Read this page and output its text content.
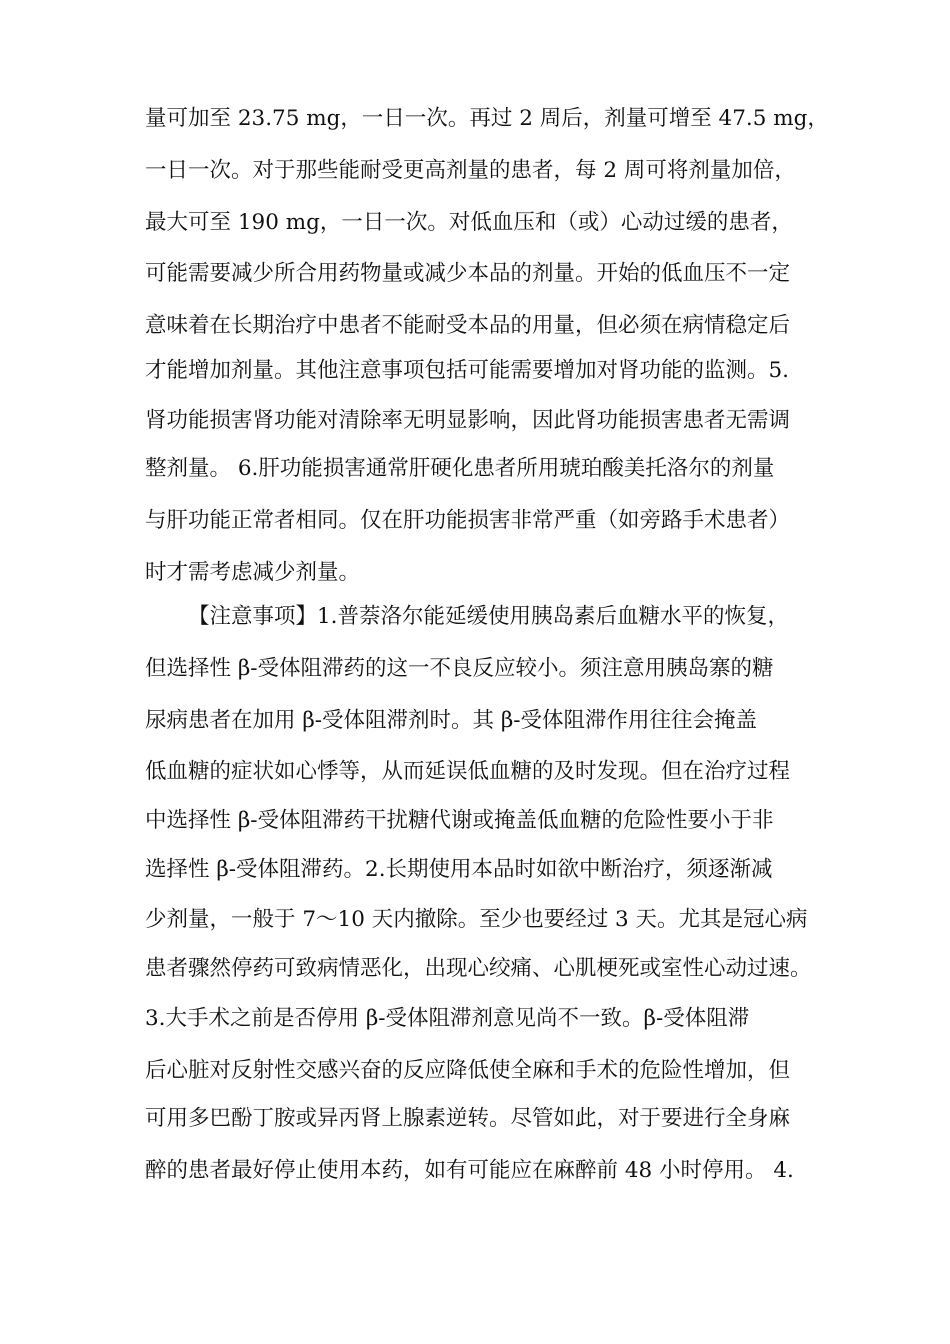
量可加至 23.75 mg，一日一次。再过 2 周后，剂量可增至 47.5 mg，
一日一次。对于那些能耐受更高剂量的患者，每 2 周可将剂量加倍，
最大可至 190 mg，一日一次。对低血压和（或）心动过缓的患者，
可能需要减少所合用药物量或减少本品的剂量。开始的低血压不一定
意味着在长期治疗中患者不能耐受本品的用量，但必须在病情稳定后
才能增加剂量。其他注意事项包括可能需要增加对肾功能的监测。5.
肾功能损害肾功能对清除率无明显影响，因此肾功能损害患者无需调
整剂量。 6.肝功能损害通常肝硬化患者所用琥珀酸美托洛尔的剂量
与肝功能正常者相同。仅在肝功能损害非常严重（如旁路手术患者）
时才需考虑减少剂量。
【注意事项】1.普萘洛尔能延缓使用胰岛素后血糖水平的恢复，
但选择性 β-受体阻滞药的这一不良反应较小。须注意用胰岛寨的糖
尿病患者在加用 β-受体阻滞剂时。其 β-受体阻滞作用往往会掩盖
低血糖的症状如心悸等，从而延误低血糖的及时发现。但在治疗过程
中选择性 β-受体阻滞药干扰糖代谢或掩盖低血糖的危险性要小于非
选择性 β-受体阻滞药。2.长期使用本品时如欲中断治疗，须逐渐减
少剂量，一般于 7～10 天内撤除。至少也要经过 3 天。尤其是冠心病
患者骤然停药可致病情恶化，出现心绞痛、心肌梗死或室性心动过速。
3.大手术之前是否停用 β-受体阻滞剂意见尚不一致。β-受体阻滞
后心脏对反射性交感兴奋的反应降低使全麻和手术的危险性增加，但
可用多巴酚丁胺或异丙肾上腺素逆转。尽管如此，对于要进行全身麻
醉的患者最好停止使用本药，如有可能应在麻醉前 48 小时停用。 4.
